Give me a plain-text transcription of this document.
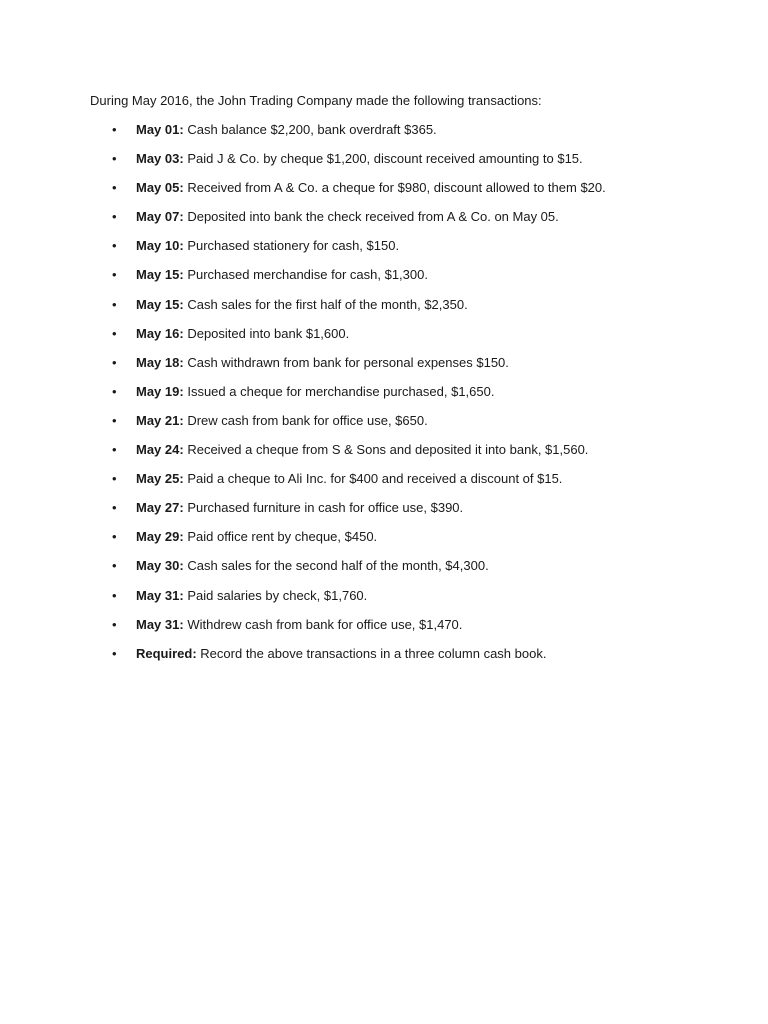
During May 2016, the John Trading Company made the following transactions:

• May 01: Cash balance $2,200, bank overdraft $365.
• May 03: Paid J & Co. by cheque $1,200, discount received amounting to $15.
• May 05: Received from A & Co. a cheque for $980, discount allowed to them $20.
• May 07: Deposited into bank the check received from A & Co. on May 05.
• May 10: Purchased stationery for cash, $150.
• May 15: Purchased merchandise for cash, $1,300.
• May 15: Cash sales for the first half of the month, $2,350.
• May 16: Deposited into bank $1,600.
• May 18: Cash withdrawn from bank for personal expenses $150.
• May 19: Issued a cheque for merchandise purchased, $1,650.
• May 21: Drew cash from bank for office use, $650.
• May 24: Received a cheque from S & Sons and deposited it into bank, $1,560.
• May 25: Paid a cheque to Ali Inc. for $400 and received a discount of $15.
• May 27: Purchased furniture in cash for office use, $390.
• May 29: Paid office rent by cheque, $450.
• May 30: Cash sales for the second half of the month, $4,300.
• May 31: Paid salaries by check, $1,760.
• May 31: Withdrew cash from bank for office use, $1,470.
• Required: Record the above transactions in a three column cash book.
